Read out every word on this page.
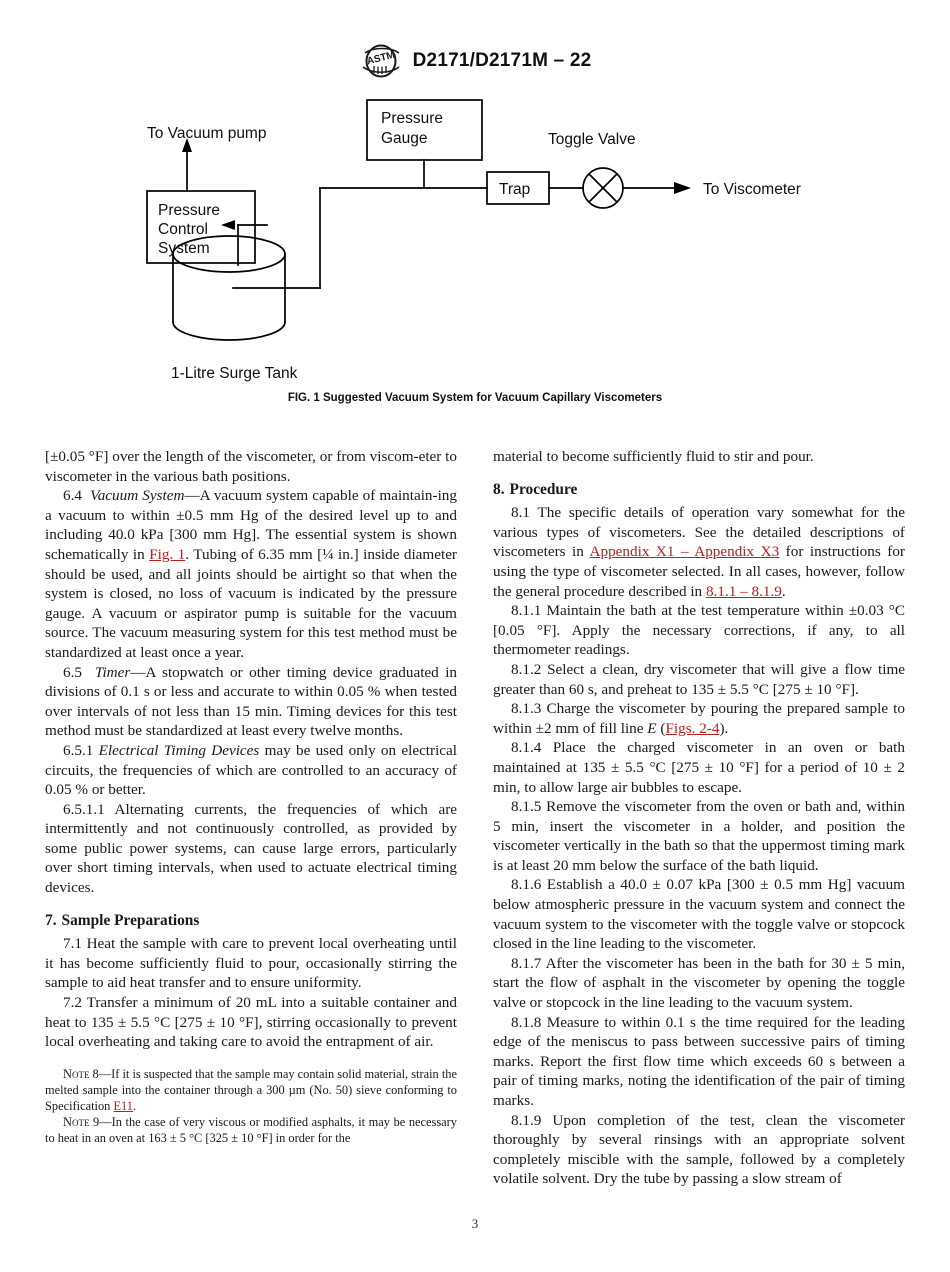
ASTM D2171/D2171M – 22
To Vacuum pump
Pressure
Control
System
Pressure
Gauge
Trap
Toggle Valve
To Viscometer
1-Litre Surge Tank
FIG. 1 Suggested Vacuum System for Vacuum Capillary Viscometers

[±0.05 °F] over the length of the viscometer, or from viscom-eter to viscometer in the various bath positions.

6.4 Vacuum System—A vacuum system capable of maintain-ing a vacuum to within ±0.5 mm Hg of the desired level up to and including 40.0 kPa [300 mm Hg]. The essential system is shown schematically in Fig. 1. Tubing of 6.35 mm [¼ in.] inside diameter should be used, and all joints should be airtight so that when the system is closed, no loss of vacuum is indicated by the pressure gauge. A vacuum or aspirator pump is suitable for the vacuum source. The vacuum measuring system for this test method must be standardized at least once a year.

6.5 Timer—A stopwatch or other timing device graduated in divisions of 0.1 s or less and accurate to within 0.05 % when tested over intervals of not less than 15 min. Timing devices for this test method must be standardized at least every twelve months.

6.5.1 Electrical Timing Devices may be used only on electrical circuits, the frequencies of which are controlled to an accuracy of 0.05 % or better.

6.5.1.1 Alternating currents, the frequencies of which are intermittently and not continuously controlled, as provided by some public power systems, can cause large errors, particularly over short timing intervals, when used to actuate electrical timing devices.

7. Sample Preparations

7.1 Heat the sample with care to prevent local overheating until it has become sufficiently fluid to pour, occasionally stirring the sample to aid heat transfer and to ensure uniformity.

7.2 Transfer a minimum of 20 mL into a suitable container and heat to 135 ± 5.5 °C [275 ± 10 °F], stirring occasionally to prevent local overheating and taking care to avoid the entrapment of air.

Note 8—If it is suspected that the sample may contain solid material, strain the melted sample into the container through a 300 µm (No. 50) sieve conforming to Specification E11.

Note 9—In the case of very viscous or modified asphalts, it may be necessary to heat in an oven at 163 ± 5 °C [325 ± 10 °F] in order for the

material to become sufficiently fluid to stir and pour.

8. Procedure

8.1 The specific details of operation vary somewhat for the various types of viscometers. See the detailed descriptions of viscometers in Appendix X1 – Appendix X3 for instructions for using the type of viscometer selected. In all cases, however, follow the general procedure described in 8.1.1 – 8.1.9.

8.1.1 Maintain the bath at the test temperature within ±0.03 °C [0.05 °F]. Apply the necessary corrections, if any, to all thermometer readings.

8.1.2 Select a clean, dry viscometer that will give a flow time greater than 60 s, and preheat to 135 ± 5.5 °C [275 ± 10 °F].

8.1.3 Charge the viscometer by pouring the prepared sample to within ±2 mm of fill line E (Figs. 2-4).

8.1.4 Place the charged viscometer in an oven or bath maintained at 135 ± 5.5 °C [275 ± 10 °F] for a period of 10 ± 2 min, to allow large air bubbles to escape.

8.1.5 Remove the viscometer from the oven or bath and, within 5 min, insert the viscometer in a holder, and position the viscometer vertically in the bath so that the uppermost timing mark is at least 20 mm below the surface of the bath liquid.

8.1.6 Establish a 40.0 ± 0.07 kPa [300 ± 0.5 mm Hg] vacuum below atmospheric pressure in the vacuum system and connect the vacuum system to the viscometer with the toggle valve or stopcock closed in the line leading to the viscometer.

8.1.7 After the viscometer has been in the bath for 30 ± 5 min, start the flow of asphalt in the viscometer by opening the toggle valve or stopcock in the line leading to the vacuum system.

8.1.8 Measure to within 0.1 s the time required for the leading edge of the meniscus to pass between successive pairs of timing marks. Report the first flow time which exceeds 60 s between a pair of timing marks, noting the identification of the pair of timing marks.

8.1.9 Upon completion of the test, clean the viscometer thoroughly by several rinsings with an appropriate solvent completely miscible with the sample, followed by a completely volatile solvent. Dry the tube by passing a slow stream of

3
